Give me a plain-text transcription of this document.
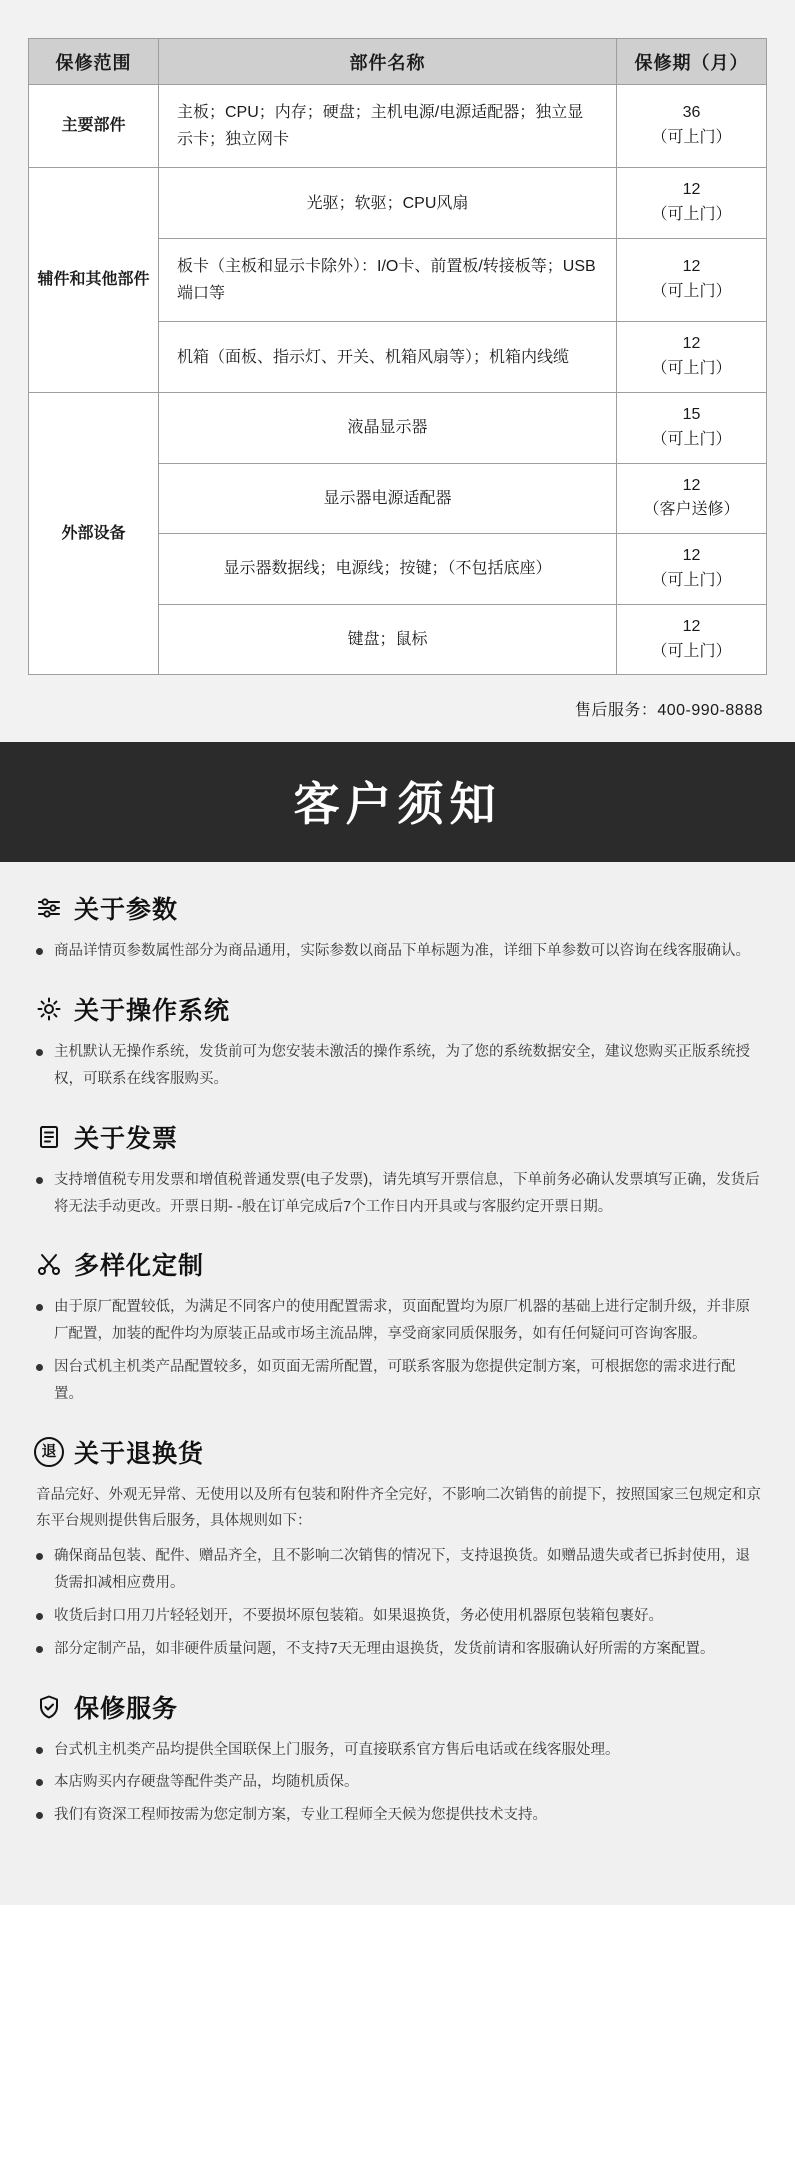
保修范围	部件名称	保修期（月）
主要部件	主板；CPU；内存；硬盘；主机电源/电源适配器；独立显示卡；独立网卡	36
（可上门）

辅件和其他部件	光驱；软驱；CPU风扇	12
（可上门）

	板卡（主板和显示卡除外）：I/O卡、前置板/转接板等；USB端口等	12
（可上门）

	机箱（面板、指示灯、开关、机箱风扇等）；机箱内线缆	12
（可上门）

外部设备	液晶显示器	15
（可上门）

	显示器电源适配器	12
（客户送修）

	显示器数据线；电源线；按键；（不包括底座）	12
（可上门）

	键盘；鼠标	12
（可上门）
售后服务：400-990-8888
客户须知
关于参数
商品详情页参数属性部分为商品通用，实际参数以商品下单标题为准，详细下单参数可以咨询在线客服确认。
关于操作系统
主机默认无操作系统，发货前可为您安装未激活的操作系统，为了您的系统数据安全，建议您购买正版系统授权，可联系在线客服购买。
关于发票
支持增值税专用发票和增值税普通发票(电子发票)，请先填写开票信息，下单前务必确认发票填写正确，发货后将无法手动更改。开票日期- -般在订单完成后7个工作日内开具或与客服约定开票日期。
多样化定制
由于原厂配置较低，为满足不同客户的使用配置需求，页面配置均为原厂机器的基础上进行定制升级，并非原厂配置，加装的配件均为原装正品或市场主流品牌，享受商家同质保服务，如有任何疑问可咨询客服。
因台式机主机类产品配置较多，如页面无需所配置，可联系客服为您提供定制方案，可根据您的需求进行配置。
退 关于退换货

音品完好、外观无异常、无使用以及所有包装和附件齐全完好，不影响二次销售的前提下，按照国家三包规定和京东平台规则提供售后服务，具体规则如下：

确保商品包装、配件、赠品齐全，且不影响二次销售的情况下，支持退换货。如赠品遗失或者已拆封使用，退货需扣减相应费用。
收货后封口用刀片轻轻划开，不要损坏原包装箱。如果退换货，务必使用机器原包装箱包裹好。
部分定制产品，如非硬件质量问题，不支持7天无理由退换货，发货前请和客服确认好所需的方案配置。
保修服务
台式机主机类产品均提供全国联保上门服务，可直接联系官方售后电话或在线客服处理。
本店购买内存硬盘等配件类产品，均随机质保。
我们有资深工程师按需为您定制方案，专业工程师全天候为您提供技术支持。
